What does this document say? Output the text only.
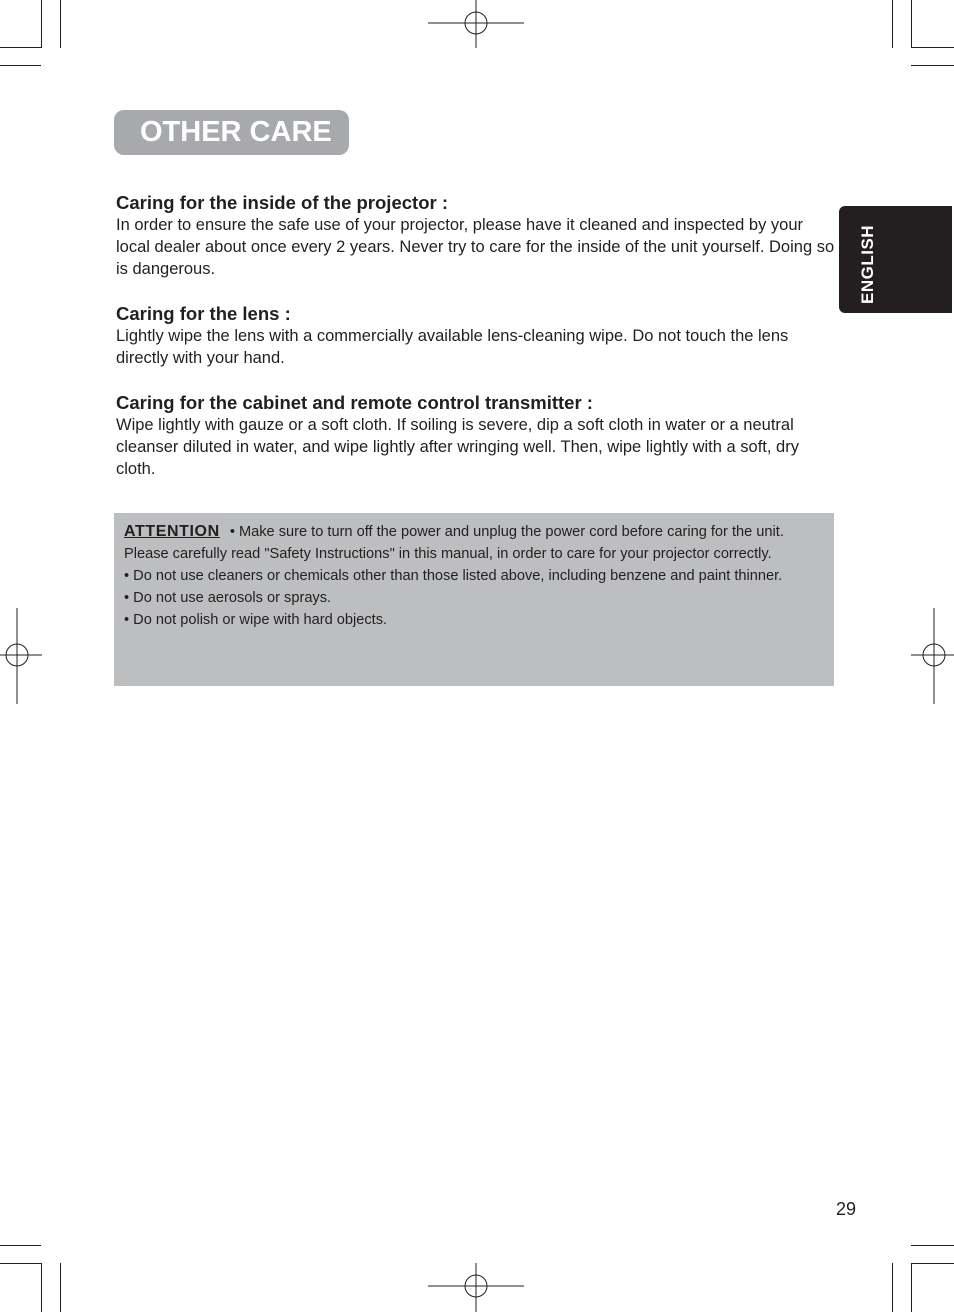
OTHER CARE
ENGLISH
Caring for the inside of the projector :

In order to ensure the safe use of your projector, please have it cleaned and inspected by your local dealer about once every 2 years. Never try to care for the inside of the unit yourself. Doing so is dangerous.

Caring for the lens :

Lightly wipe the lens with a commercially available lens-cleaning wipe. Do not touch the lens directly with your hand.

Caring for the cabinet and remote control transmitter :

Wipe lightly with gauze or a soft cloth. If soiling is severe, dip a soft cloth in water or a neutral cleanser diluted in water, and wipe lightly after wringing well. Then, wipe lightly with a soft, dry cloth.

ATTENTION • Make sure to turn off the power and unplug the power cord before caring for the unit. Please carefully read "Safety Instructions" in this manual, in order to care for your projector correctly.
• Do not use cleaners or chemicals other than those listed above, including benzene and paint thinner.
• Do not use aerosols or sprays.
• Do not polish or wipe with hard objects.
29
